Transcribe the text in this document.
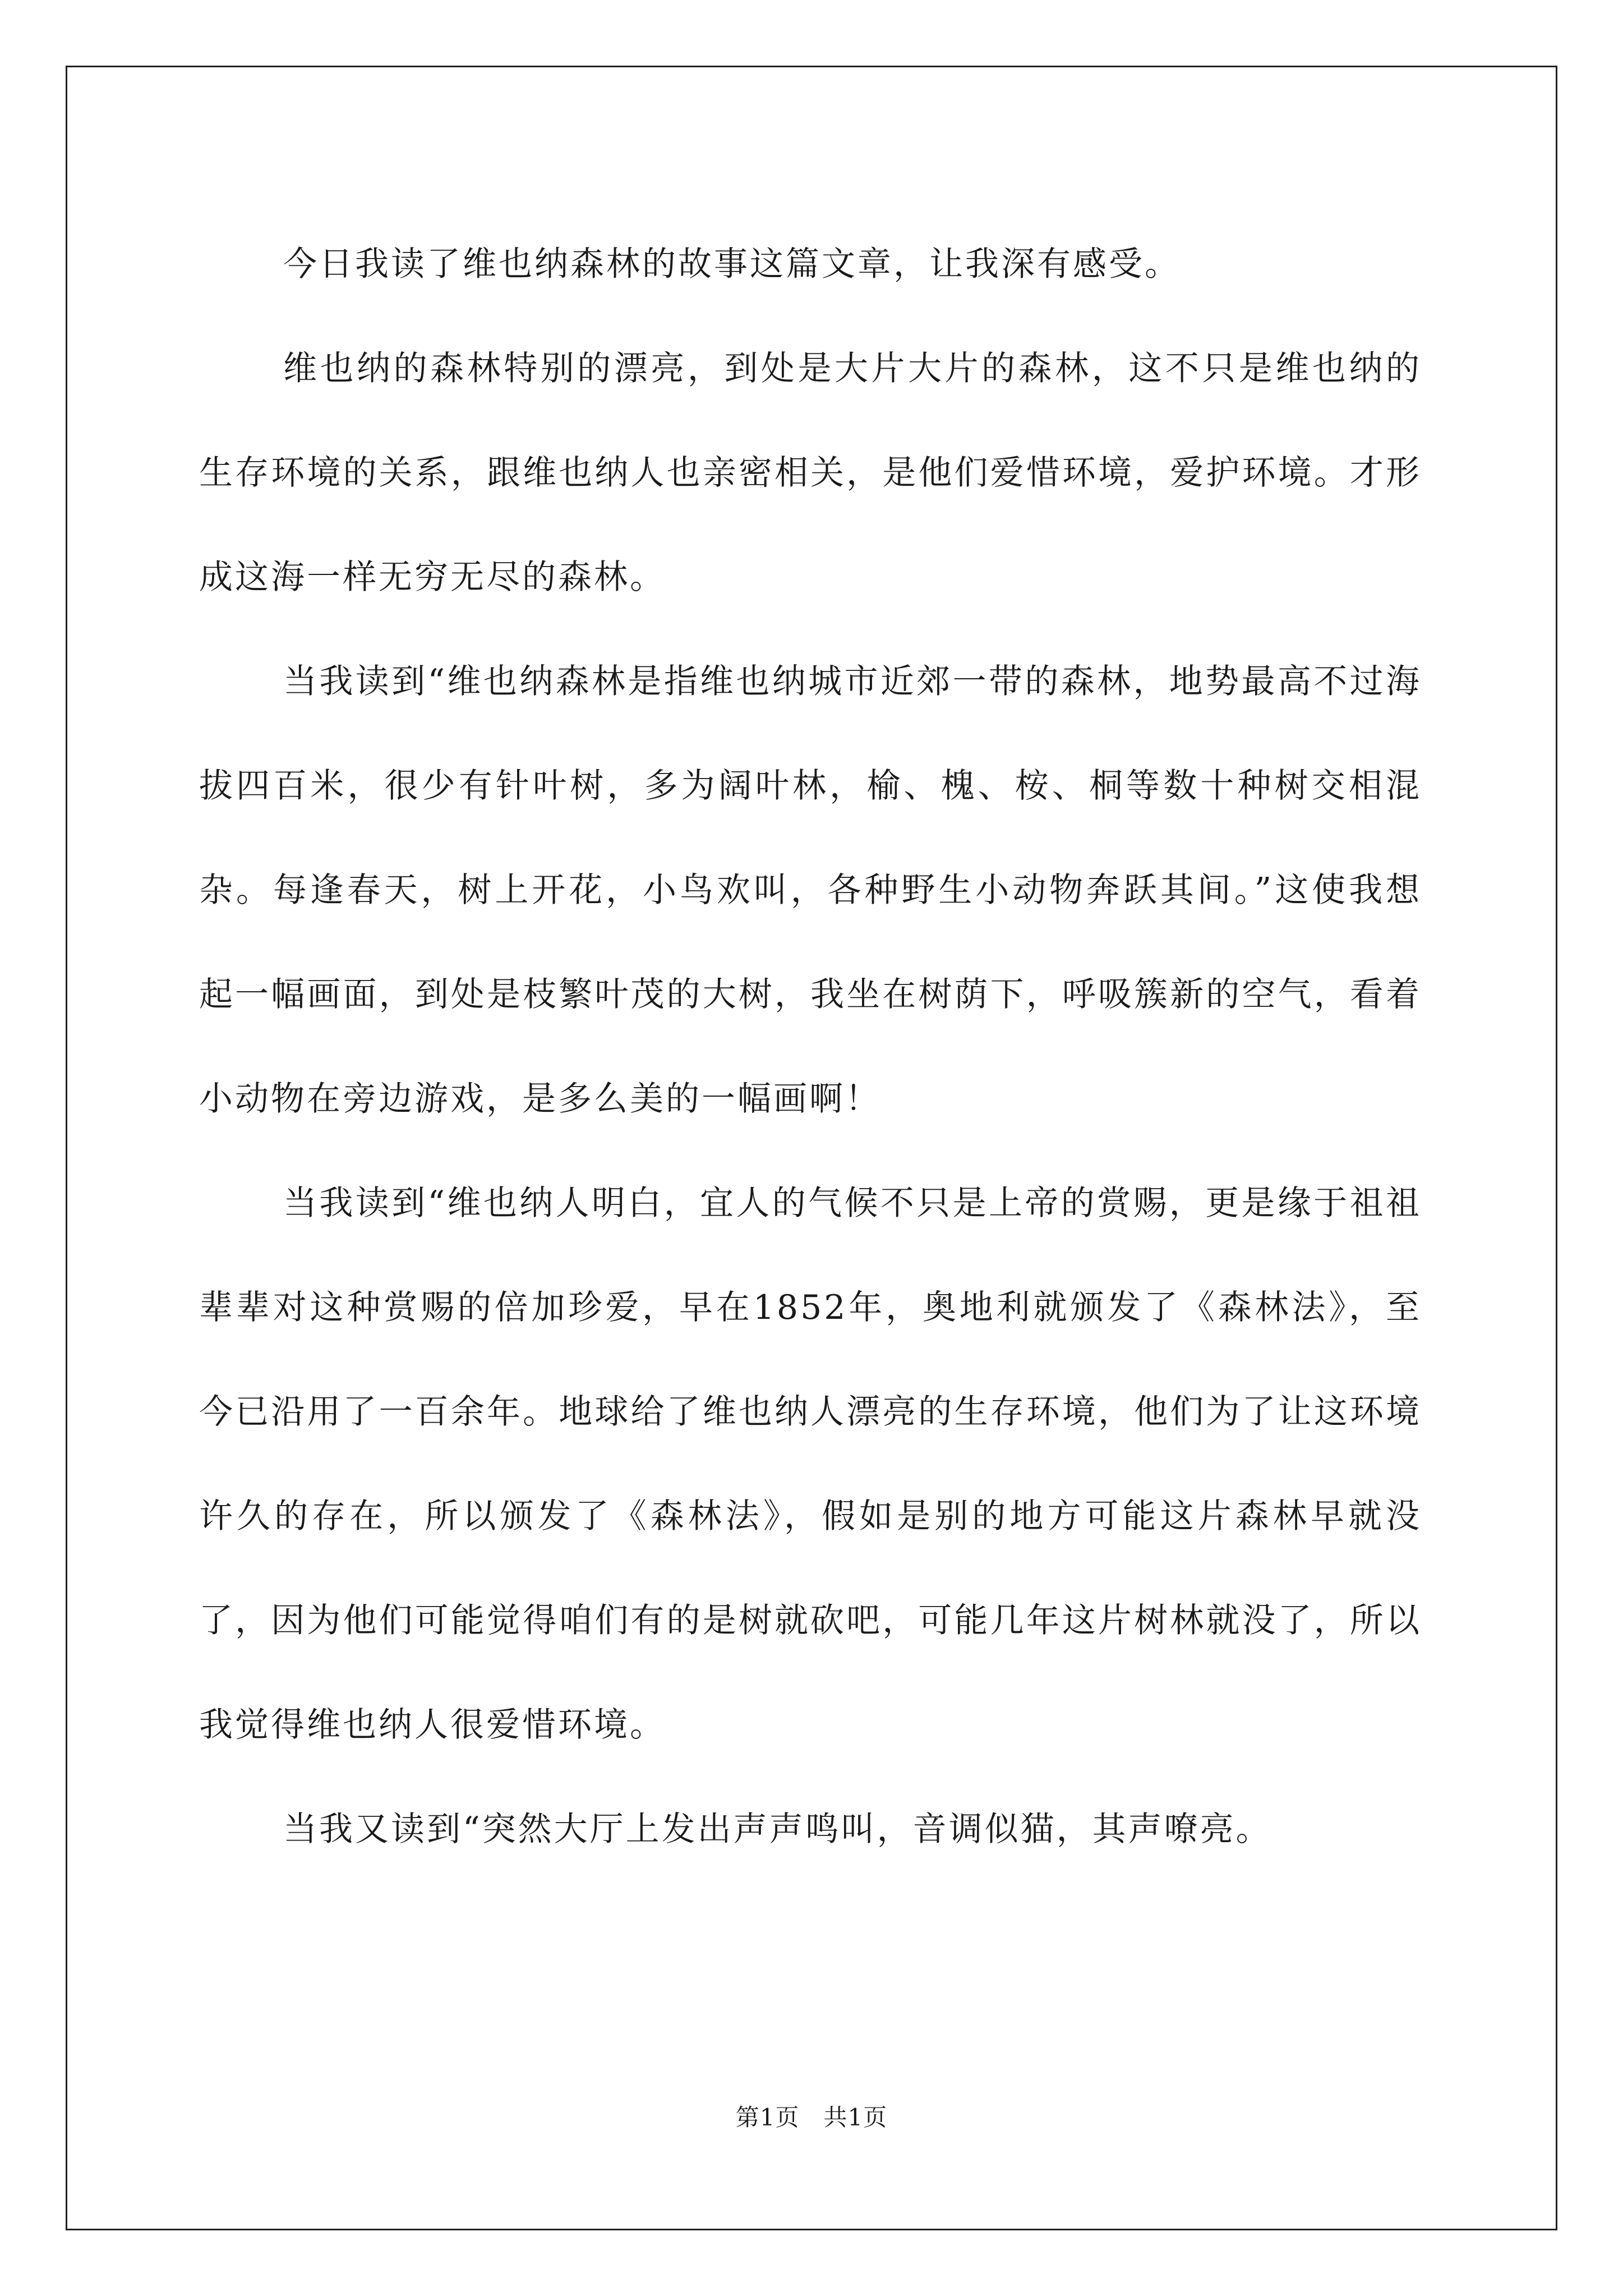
今日我读了维也纳森林的故事这篇文章，让我深有感受。

维也纳的森林特别的漂亮，到处是大片大片的森林，这不只是维也纳的生存环境的关系，跟维也纳人也亲密相关，是他们爱惜环境，爱护环境。才形成这海一样无穷无尽的森林。

当我读到“维也纳森林是指维也纳城市近郊一带的森林，地势最高不过海拔四百米，很少有针叶树，多为阔叶林，榆、槐、桉、桐等数十种树交相混杂。每逢春天，树上开花，小鸟欢叫，各种野生小动物奔跃其间。”这使我想起一幅画面，到处是枝繁叶茂的大树，我坐在树荫下，呼吸簇新的空气，看着小动物在旁边游戏，是多么美的一幅画啊！

当我读到“维也纳人明白，宜人的气候不只是上帝的赏赐，更是缘于祖祖辈辈对这种赏赐的倍加珍爱，早在1852年，奥地利就颁发了《森林法》，至今已沿用了一百余年。地球给了维也纳人漂亮的生存环境，他们为了让这环境许久的存在，所以颁发了《森林法》，假如是别的地方可能这片森林早就没了，因为他们可能觉得咱们有的是树就砍吧，可能几年这片树林就没了，所以我觉得维也纳人很爱惜环境。

当我又读到“突然大厅上发出声声鸣叫，音调似猫，其声嘹亮。

第1页　共1页
